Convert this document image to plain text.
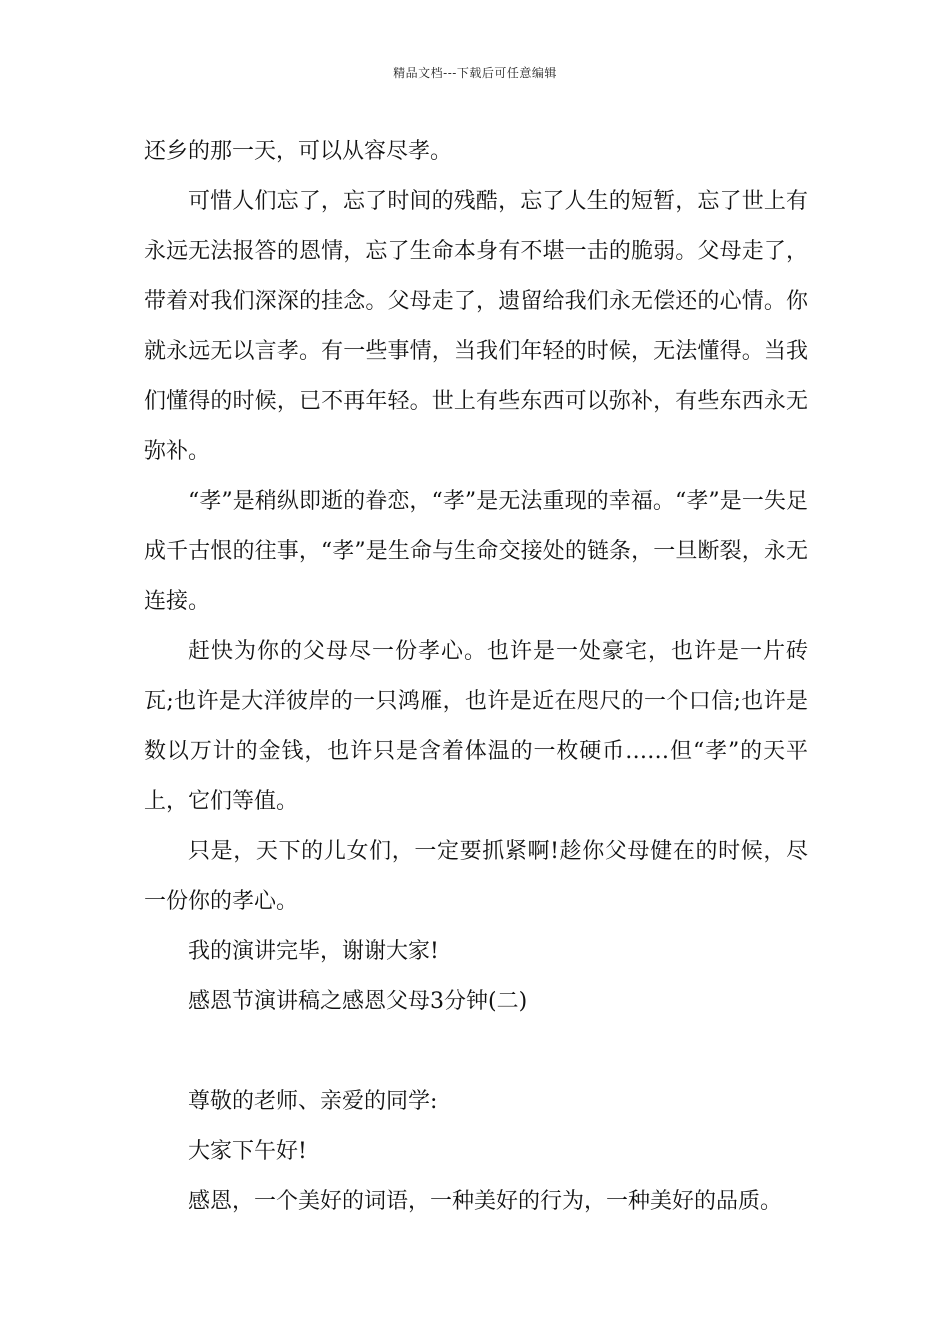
精品文档---下载后可任意编辑

还乡的那一天，可以从容尽孝。

可惜人们忘了，忘了时间的残酷，忘了人生的短暂，忘了世上有永远无法报答的恩情，忘了生命本身有不堪一击的脆弱。父母走了，带着对我们深深的挂念。父母走了，遗留给我们永无偿还的心情。你就永远无以言孝。有一些事情，当我们年轻的时候，无法懂得。当我们懂得的时候，已不再年轻。世上有些东西可以弥补，有些东西永无弥补。

“孝”是稍纵即逝的眷恋，“孝”是无法重现的幸福。“孝”是一失足成千古恨的往事，“孝”是生命与生命交接处的链条，一旦断裂，永无连接。

赶快为你的父母尽一份孝心。也许是一处豪宅，也许是一片砖瓦;也许是大洋彼岸的一只鸿雁，也许是近在咫尺的一个口信;也许是数以万计的金钱，也许只是含着体温的一枚硬币……但“孝”的天平上，它们等值。

只是，天下的儿女们，一定要抓紧啊!趁你父母健在的时候，尽一份你的孝心。

我的演讲完毕，谢谢大家!

感恩节演讲稿之感恩父母3分钟(二)

尊敬的老师、亲爱的同学:

大家下午好!

感恩，一个美好的词语，一种美好的行为，一种美好的品质。
